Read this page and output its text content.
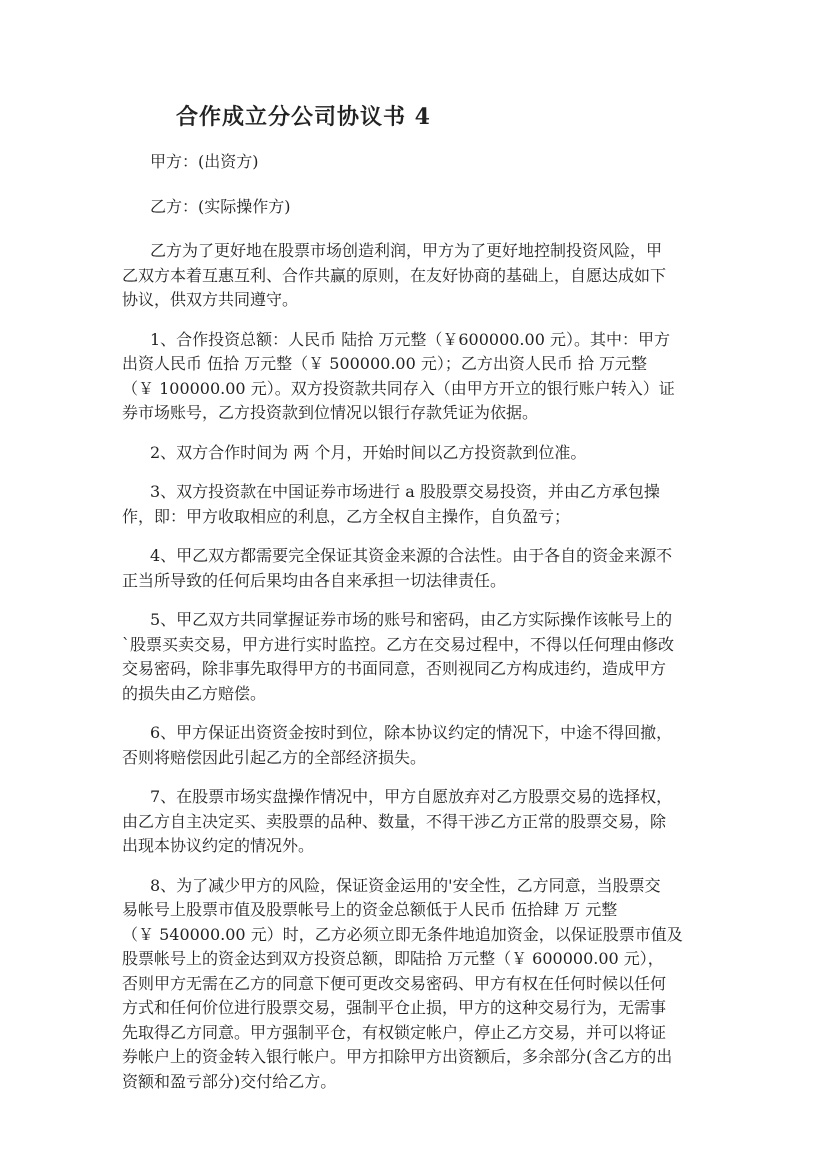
合作成立分公司协议书 4

甲方：(出资方)

乙方：(实际操作方)

乙方为了更好地在股票市场创造利润，甲方为了更好地控制投资风险，甲
乙双方本着互惠互利、合作共赢的原则，在友好协商的基础上，自愿达成如下
协议，供双方共同遵守。

1、合作投资总额：人民币 陆拾 万元整（￥600000.00 元）。其中：甲方
出资人民币 伍拾 万元整（￥ 500000.00 元）；乙方出资人民币 拾 万元整
（￥ 100000.00 元）。双方投资款共同存入（由甲方开立的银行账户转入）证
券市场账号，乙方投资款到位情况以银行存款凭证为依据。

2、双方合作时间为 两 个月，开始时间以乙方投资款到位准。

3、双方投资款在中国证券市场进行 a 股股票交易投资，并由乙方承包操
作，即：甲方收取相应的利息，乙方全权自主操作，自负盈亏；

4、甲乙双方都需要完全保证其资金来源的合法性。由于各自的资金来源不
正当所导致的任何后果均由各自来承担一切法律责任。

5、甲乙双方共同掌握证券市场的账号和密码，由乙方实际操作该帐号上的
`股票买卖交易，甲方进行实时监控。乙方在交易过程中，不得以任何理由修改
交易密码，除非事先取得甲方的书面同意，否则视同乙方构成违约，造成甲方
的损失由乙方赔偿。

6、甲方保证出资资金按时到位，除本协议约定的情况下，中途不得回撤，
否则将赔偿因此引起乙方的全部经济损失。

7、在股票市场实盘操作情况中，甲方自愿放弃对乙方股票交易的选择权，
由乙方自主决定买、卖股票的品种、数量，不得干涉乙方正常的股票交易，除
出现本协议约定的情况外。

8、为了减少甲方的风险，保证资金运用的'安全性，乙方同意，当股票交
易帐号上股票市值及股票帐号上的资金总额低于人民币 伍拾肆 万 元整
（￥ 540000.00 元）时，乙方必须立即无条件地追加资金，以保证股票市值及
股票帐号上的资金达到双方投资总额，即陆拾 万元整（￥ 600000.00 元），
否则甲方无需在乙方的同意下便可更改交易密码、甲方有权在任何时候以任何
方式和任何价位进行股票交易，强制平仓止损，甲方的这种交易行为，无需事
先取得乙方同意。甲方强制平仓，有权锁定帐户，停止乙方交易，并可以将证
券帐户上的资金转入银行帐户。甲方扣除甲方出资额后，多余部分(含乙方的出
资额和盈亏部分)交付给乙方。
